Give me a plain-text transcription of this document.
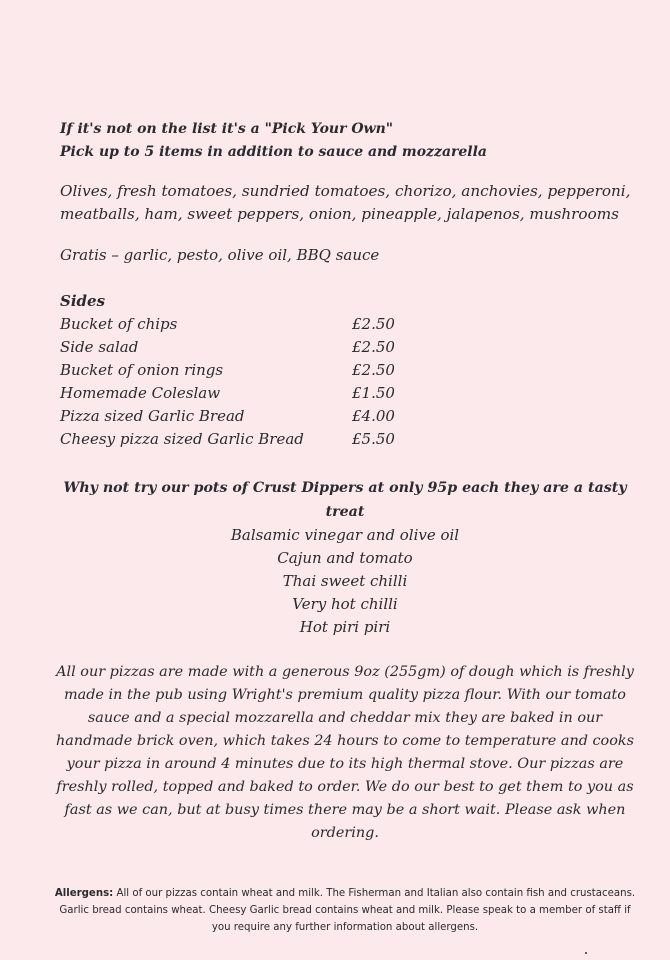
If it's not on the list it's a "Pick Your Own"
Pick up to 5 items in addition to sauce and mozzarella
Olives, fresh tomatoes, sundried tomatoes, chorizo, anchovies, pepperoni, meatballs, ham, sweet peppers, onion, pineapple, jalapenos, mushrooms
Gratis – garlic, pesto, olive oil, BBQ sauce
Sides
Bucket of chips	£2.50
Side salad	£2.50
Bucket of onion rings	£2.50
Homemade Coleslaw	£1.50
Pizza sized Garlic Bread	£4.00
Cheesy pizza sized Garlic Bread	£5.50
Why not try our pots of Crust Dippers at only 95p each they are a tasty treat
Balsamic vinegar and olive oil
Cajun and tomato
Thai sweet chilli
Very hot chilli
Hot piri piri
All our pizzas are made with a generous 9oz (255gm) of dough which is freshly made in the pub using Wright's premium quality pizza flour. With our tomato sauce and a special mozzarella and cheddar mix they are baked in our handmade brick oven, which takes 24 hours to come to temperature and cooks your pizza in around 4 minutes due to its high thermal stove. Our pizzas are freshly rolled, topped and baked to order. We do our best to get them to you as fast as we can, but at busy times there may be a short wait. Please ask when ordering.
Allergens: All of our pizzas contain wheat and milk. The Fisherman and Italian also contain fish and crustaceans. Garlic bread contains wheat. Cheesy Garlic bread contains wheat and milk. Please speak to a member of staff if you require any further information about allergens.
